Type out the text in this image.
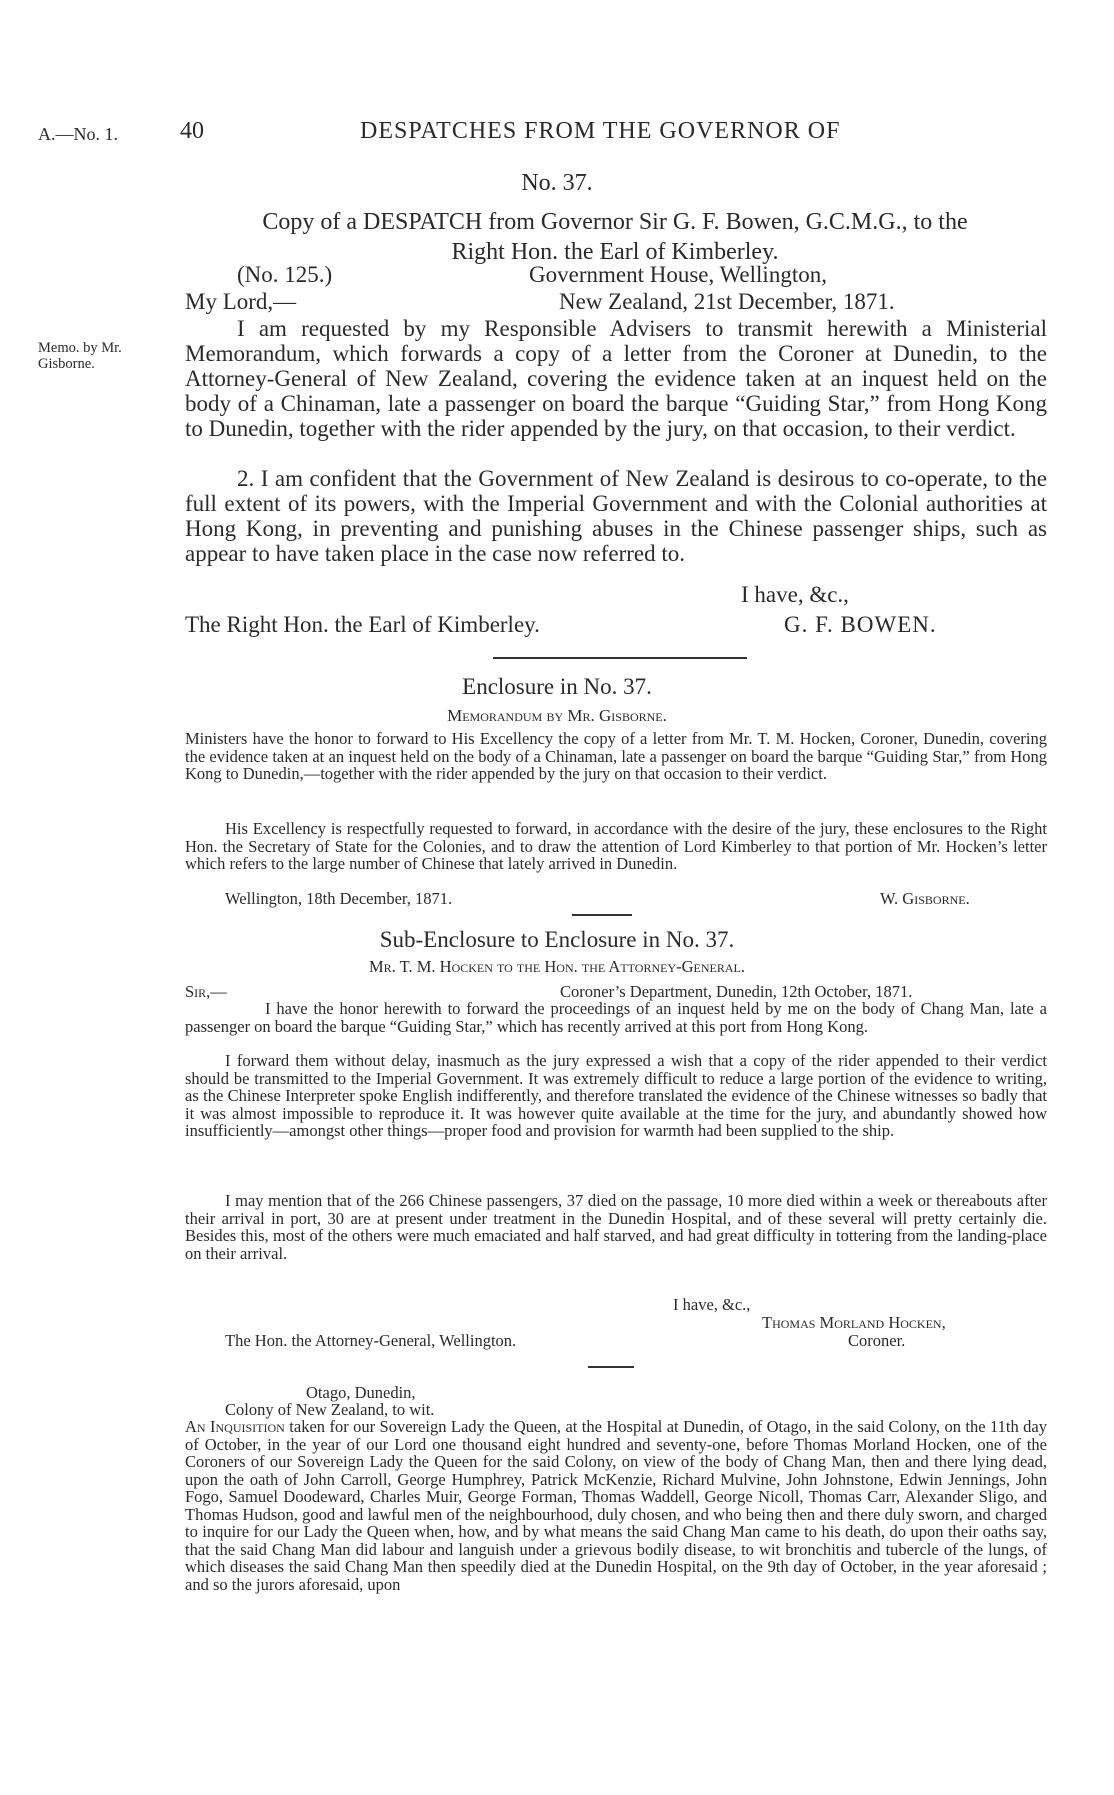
A.—No. 1.	40	DESPATCHES FROM THE GOVERNOR OF
No. 37.
Copy of a DESPATCH from Governor Sir G. F. Bowen, G.C.M.G., to the
Right Hon. the Earl of Kimberley.
(No. 125.)	Government House, Wellington,
My Lord,—	New Zealand, 21st December, 1871.
Memo. by Mr.
Gisborne.

I am requested by my Responsible Advisers to transmit herewith a Ministerial Memorandum, which forwards a copy of a letter from the Coroner at Dunedin, to the Attorney-General of New Zealand, covering the evidence taken at an inquest held on the body of a Chinaman, late a passenger on board the barque “Guiding Star,” from Hong Kong to Dunedin, together with the rider appended by the jury, on that occasion, to their verdict.

2. I am confident that the Government of New Zealand is desirous to co-operate, to the full extent of its powers, with the Imperial Government and with the Colonial authorities at Hong Kong, in preventing and punishing abuses in the Chinese passenger ships, such as appear to have taken place in the case now referred to.

I have, &c.,
The Right Hon. the Earl of Kimberley.	G. F. BOWEN.
Enclosure in No. 37.
Memorandum by Mr. Gisborne.

Ministers have the honor to forward to His Excellency the copy of a letter from Mr. T. M. Hocken, Coroner, Dunedin, covering the evidence taken at an inquest held on the body of a Chinaman, late a passenger on board the barque “Guiding Star,” from Hong Kong to Dunedin,—together with the rider appended by the jury on that occasion to their verdict.

His Excellency is respectfully requested to forward, in accordance with the desire of the jury, these enclosures to the Right Hon. the Secretary of State for the Colonies, and to draw the attention of Lord Kimberley to that portion of Mr. Hocken’s letter which refers to the large number of Chinese that lately arrived in Dunedin.

Wellington, 18th December, 1871.	W. Gisborne.
Sub-Enclosure to Enclosure in No. 37.
Mr. T. M. Hocken to the Hon. the Attorney-General.
Sir,—	Coroner’s Department, Dunedin, 12th October, 1871.

I have the honor herewith to forward the proceedings of an inquest held by me on the body of Chang Man, late a passenger on board the barque “Guiding Star,” which has recently arrived at this port from Hong Kong.

I forward them without delay, inasmuch as the jury expressed a wish that a copy of the rider appended to their verdict should be transmitted to the Imperial Government. It was extremely difficult to reduce a large portion of the evidence to writing, as the Chinese Interpreter spoke English indifferently, and therefore translated the evidence of the Chinese witnesses so badly that it was almost impossible to reproduce it. It was however quite available at the time for the jury, and abundantly showed how insufficiently—amongst other things—proper food and provision for warmth had been supplied to the ship.

I may mention that of the 266 Chinese passengers, 37 died on the passage, 10 more died within a week or thereabouts after their arrival in port, 30 are at present under treatment in the Dunedin Hospital, and of these several will pretty certainly die. Besides this, most of the others were much emaciated and half starved, and had great difficulty in tottering from the landing-place on their arrival.

I have, &c.,
Thomas Morland Hocken,
The Hon. the Attorney-General, Wellington.	Coroner.
Otago, Dunedin,
Colony of New Zealand, to wit.

An Inquisition taken for our Sovereign Lady the Queen, at the Hospital at Dunedin, of Otago, in the said Colony, on the 11th day of October, in the year of our Lord one thousand eight hundred and seventy-one, before Thomas Morland Hocken, one of the Coroners of our Sovereign Lady the Queen for the said Colony, on view of the body of Chang Man, then and there lying dead, upon the oath of John Carroll, George Humphrey, Patrick McKenzie, Richard Mulvine, John Johnstone, Edwin Jennings, John Fogo, Samuel Doodeward, Charles Muir, George Forman, Thomas Waddell, George Nicoll, Thomas Carr, Alexander Sligo, and Thomas Hudson, good and lawful men of the neighbourhood, duly chosen, and who being then and there duly sworn, and charged to inquire for our Lady the Queen when, how, and by what means the said Chang Man came to his death, do upon their oaths say, that the said Chang Man did labour and languish under a grievous bodily disease, to wit bronchitis and tubercle of the lungs, of which diseases the said Chang Man then speedily died at the Dunedin Hospital, on the 9th day of October, in the year aforesaid ; and so the jurors aforesaid, upon
